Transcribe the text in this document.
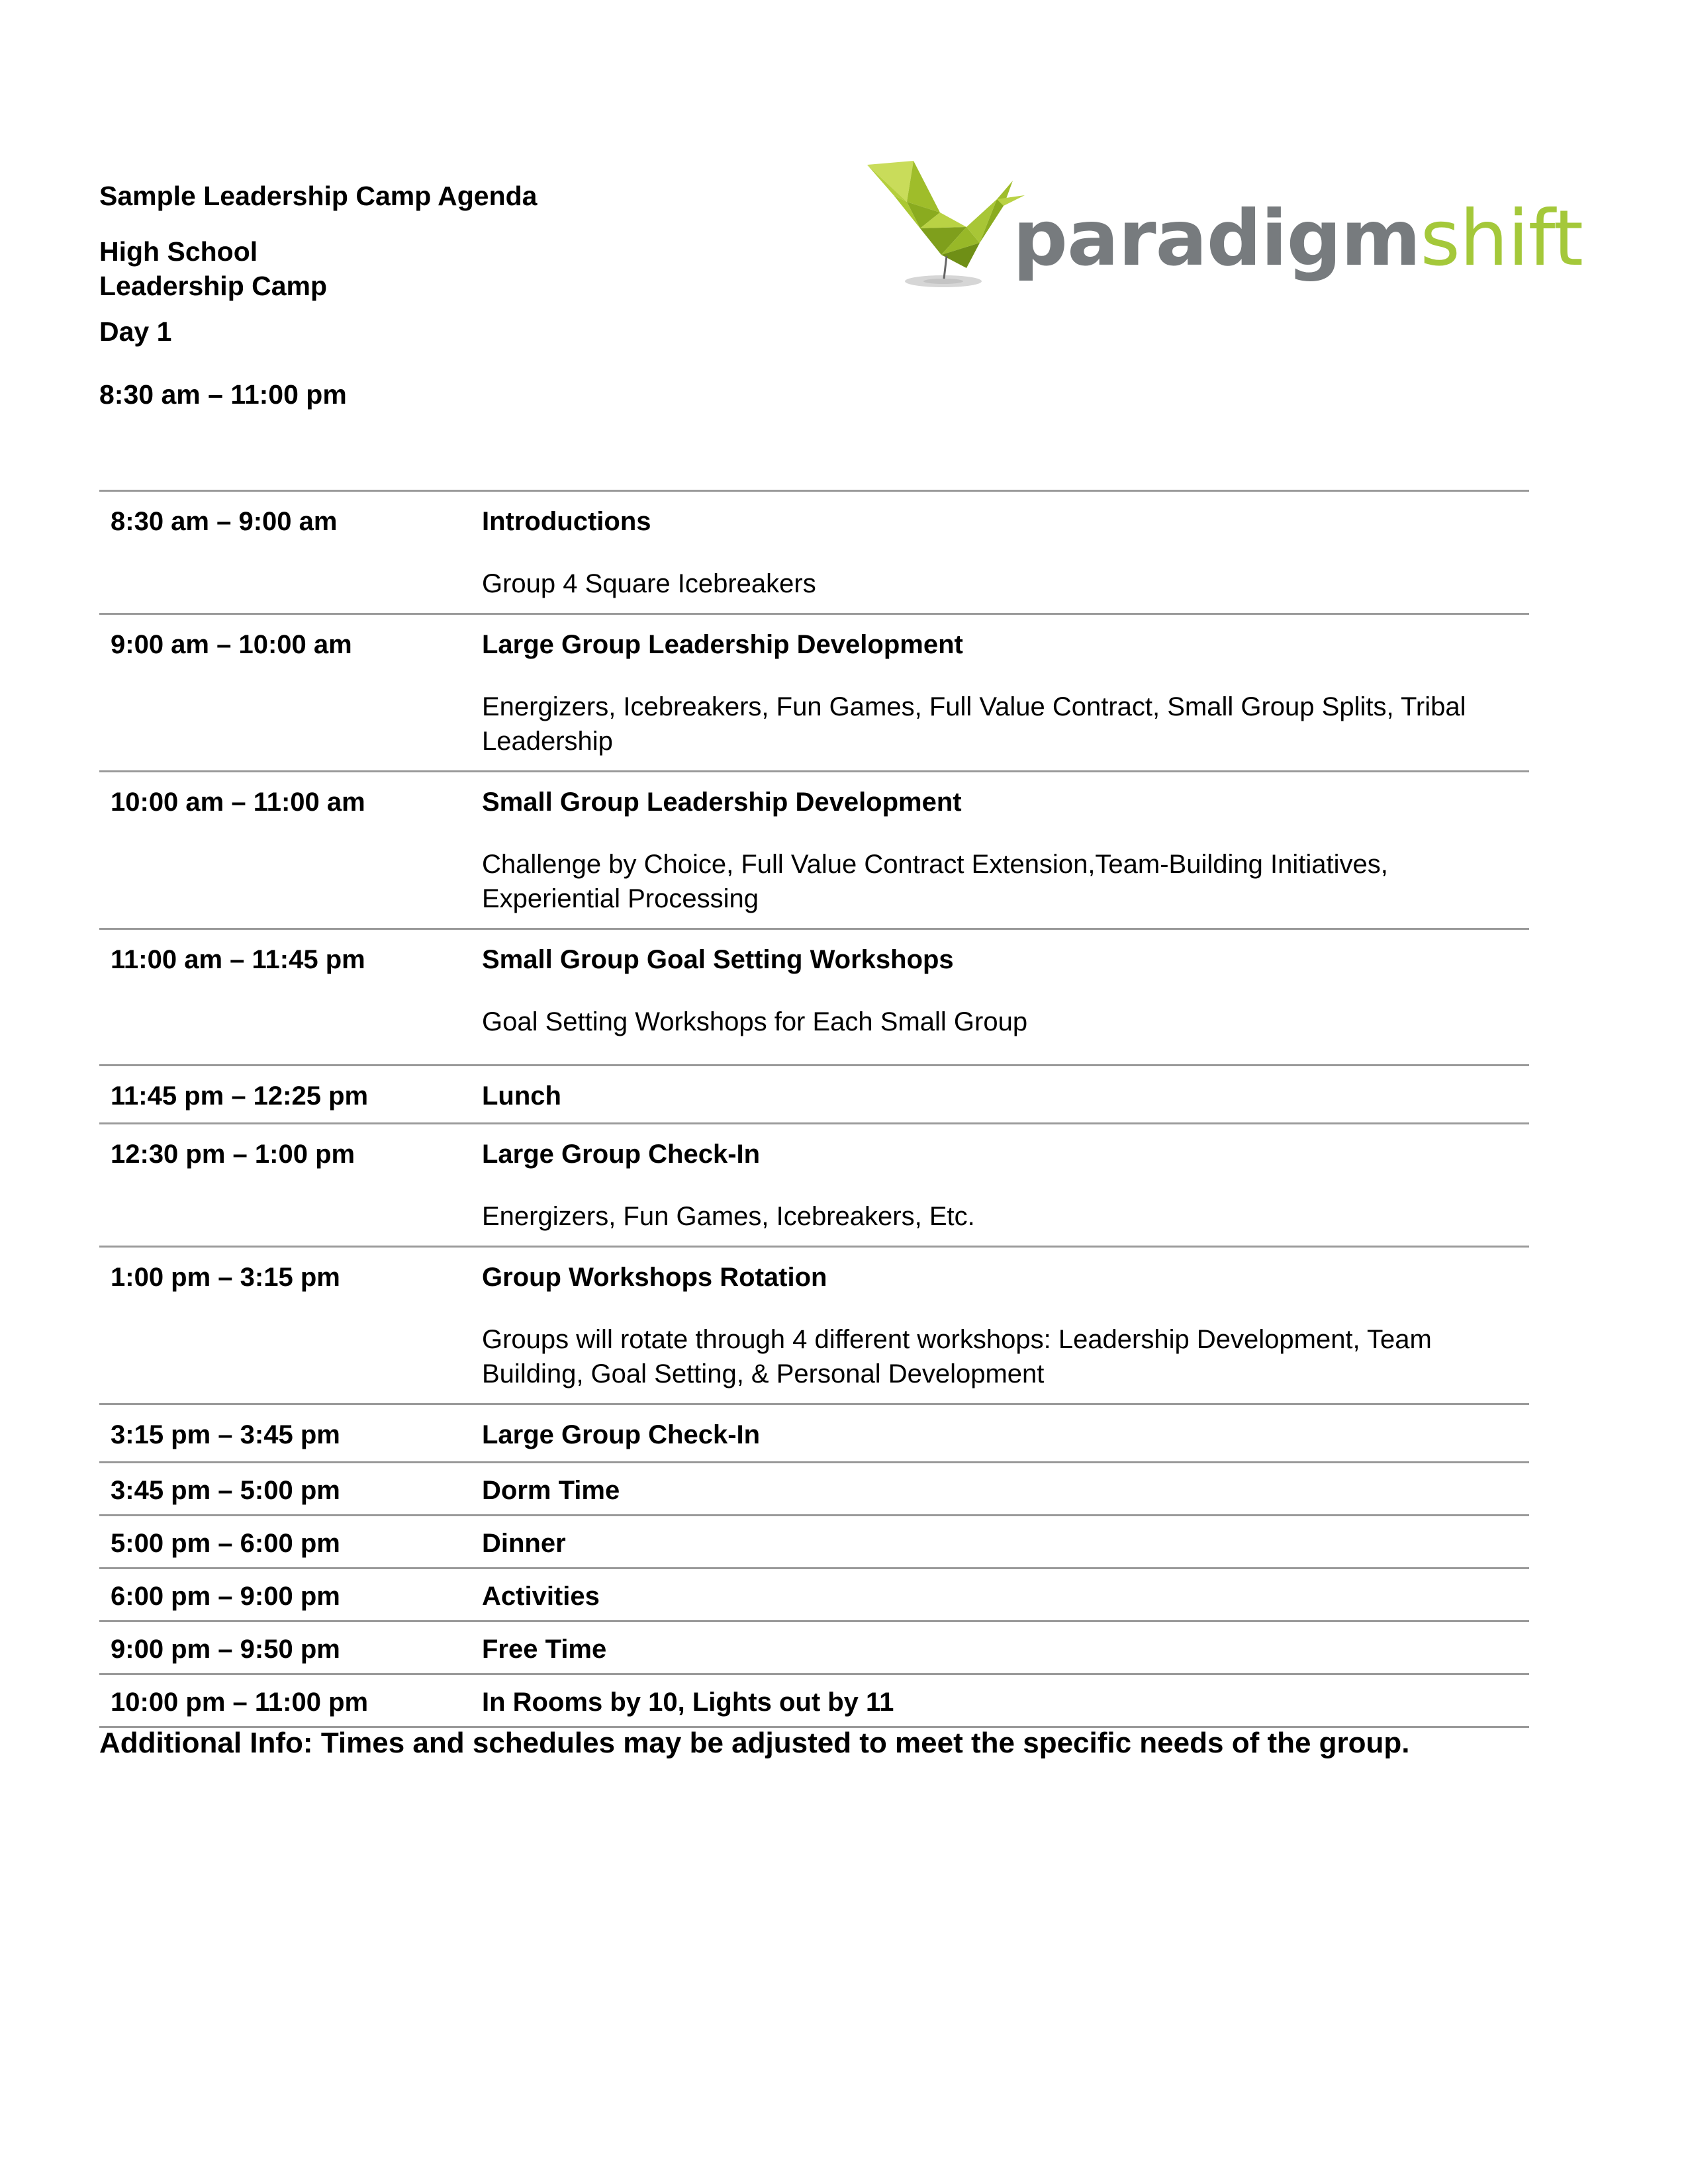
Sample Leadership Camp Agenda
High School
Leadership Camp
Day 1
8:30 am – 11:00 pm
paradigmshift
8:30 am – 9:00 am	Introductions
Group 4 Square Icebreakers
9:00 am – 10:00 am	Large Group Leadership Development
Energizers, Icebreakers, Fun Games, Full Value Contract, Small Group Splits, Tribal Leadership
10:00 am – 11:00 am	Small Group Leadership Development
Challenge by Choice, Full Value Contract Extension,Team-Building Initiatives, Experiential Processing
11:00 am – 11:45 pm	Small Group Goal Setting Workshops
Goal Setting Workshops for Each Small Group
11:45 pm – 12:25 pm	Lunch
12:30 pm – 1:00 pm	Large Group Check-In
Energizers, Fun Games, Icebreakers, Etc.
1:00 pm – 3:15 pm	Group Workshops Rotation
Groups will rotate through 4 different workshops: Leadership Development, Team Building, Goal Setting, & Personal Development
3:15 pm – 3:45 pm	Large Group Check-In
3:45 pm – 5:00 pm	Dorm Time
5:00 pm – 6:00 pm	Dinner
6:00 pm – 9:00 pm	Activities
9:00 pm – 9:50 pm	Free Time
10:00 pm – 11:00 pm	In Rooms by 10, Lights out by 11
Additional Info: Times and schedules may be adjusted to meet the specific needs of the group.
